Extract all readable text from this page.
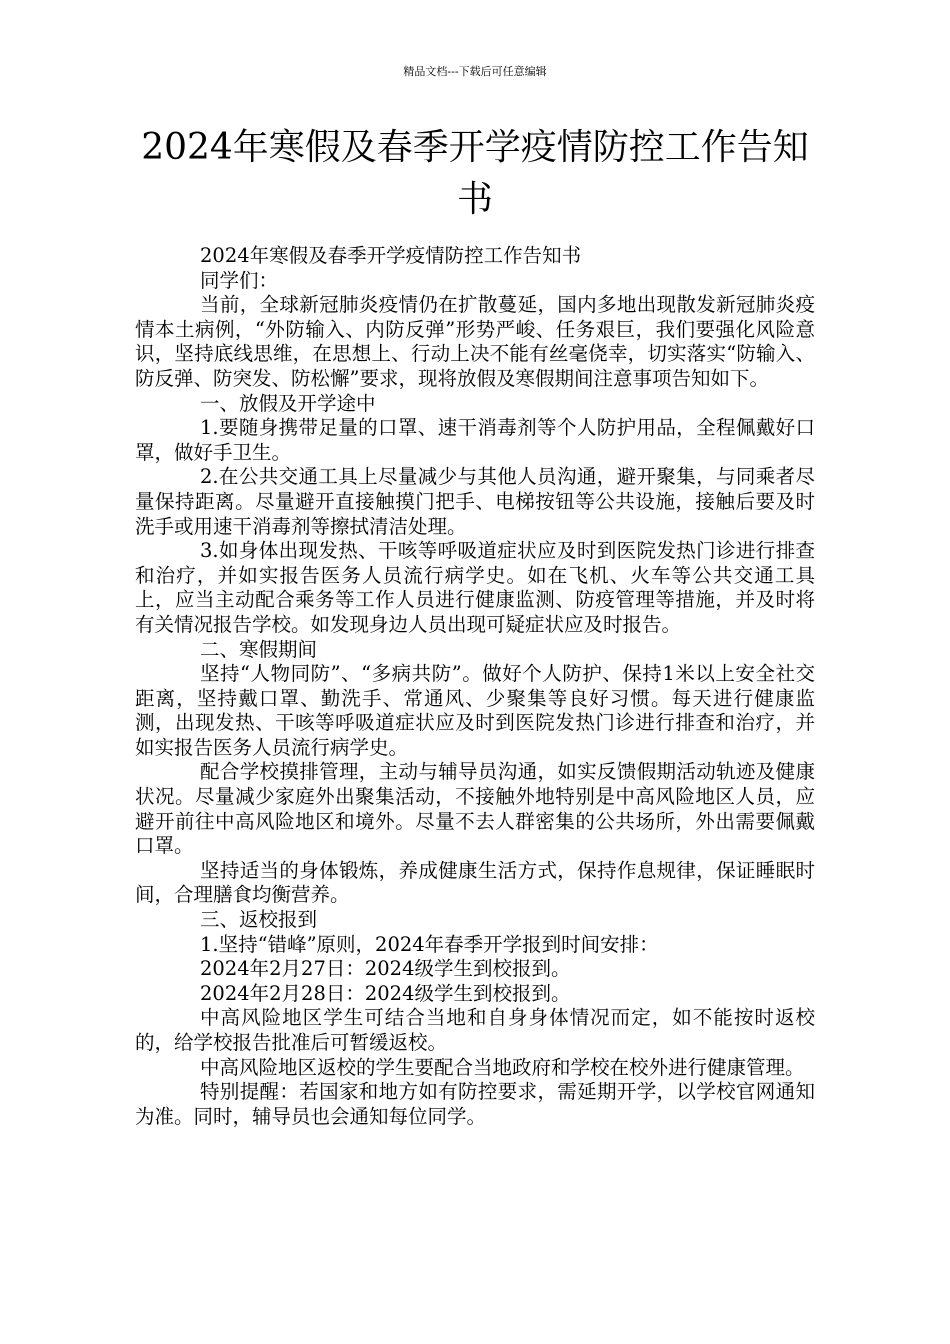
精品文档---下载后可任意编辑
2024年寒假及春季开学疫情防控工作告知书

2024年寒假及春季开学疫情防控工作告知书

同学们：

当前，全球新冠肺炎疫情仍在扩散蔓延，国内多地出现散发新冠肺炎疫情本土病例，“外防输入、内防反弹”形势严峻、任务艰巨，我们要强化风险意识，坚持底线思维，在思想上、行动上决不能有丝毫侥幸，切实落实“防输入、防反弹、防突发、防松懈”要求，现将放假及寒假期间注意事项告知如下。

一、放假及开学途中

1.要随身携带足量的口罩、速干消毒剂等个人防护用品，全程佩戴好口罩，做好手卫生。

2.在公共交通工具上尽量减少与其他人员沟通，避开聚集，与同乘者尽量保持距离。尽量避开直接触摸门把手、电梯按钮等公共设施，接触后要及时洗手或用速干消毒剂等擦拭清洁处理。

3.如身体出现发热、干咳等呼吸道症状应及时到医院发热门诊进行排查和治疗，并如实报告医务人员流行病学史。如在飞机、火车等公共交通工具上，应当主动配合乘务等工作人员进行健康监测、防疫管理等措施，并及时将有关情况报告学校。如发现身边人员出现可疑症状应及时报告。

二、寒假期间

坚持“人物同防”、“多病共防”。做好个人防护、保持1米以上安全社交距离，坚持戴口罩、勤洗手、常通风、少聚集等良好习惯。每天进行健康监测，出现发热、干咳等呼吸道症状应及时到医院发热门诊进行排查和治疗，并如实报告医务人员流行病学史。

配合学校摸排管理，主动与辅导员沟通，如实反馈假期活动轨迹及健康状况。尽量减少家庭外出聚集活动，不接触外地特别是中高风险地区人员，应避开前往中高风险地区和境外。尽量不去人群密集的公共场所，外出需要佩戴口罩。

坚持适当的身体锻炼，养成健康生活方式，保持作息规律，保证睡眠时间，合理膳食均衡营养。

三、返校报到

1.坚持“错峰”原则，2024年春季开学报到时间安排：

2024年2月27日：2024级学生到校报到。

2024年2月28日：2024级学生到校报到。

中高风险地区学生可结合当地和自身身体情况而定，如不能按时返校的，给学校报告批准后可暂缓返校。

中高风险地区返校的学生要配合当地政府和学校在校外进行健康管理。

特别提醒：若国家和地方如有防控要求，需延期开学，以学校官网通知为准。同时，辅导员也会通知每位同学。
